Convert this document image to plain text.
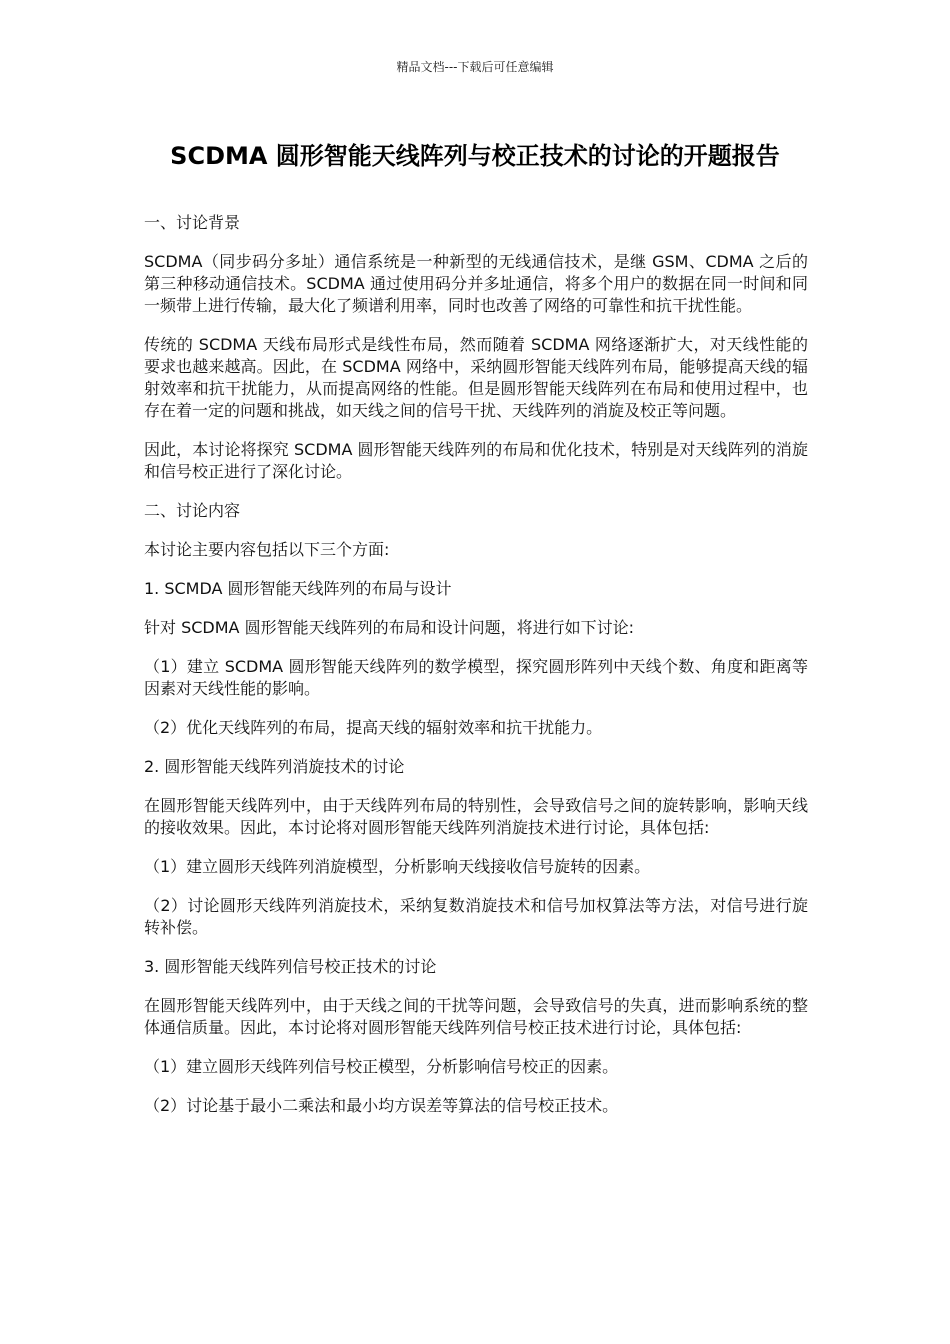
精品文档---下载后可任意编辑
SCDMA 圆形智能天线阵列与校正技术的讨论的开题报告

一、讨论背景

SCDMA（同步码分多址）通信系统是一种新型的无线通信技术，是继 GSM、CDMA 之后的第三种移动通信技术。SCDMA 通过使用码分并多址通信，将多个用户的数据在同一时间和同一频带上进行传输，最大化了频谱利用率，同时也改善了网络的可靠性和抗干扰性能。

传统的 SCDMA 天线布局形式是线性布局，然而随着 SCDMA 网络逐渐扩大，对天线性能的要求也越来越高。因此，在 SCDMA 网络中，采纳圆形智能天线阵列布局，能够提高天线的辐射效率和抗干扰能力，从而提高网络的性能。但是圆形智能天线阵列在布局和使用过程中，也存在着一定的问题和挑战，如天线之间的信号干扰、天线阵列的消旋及校正等问题。

因此，本讨论将探究 SCDMA 圆形智能天线阵列的布局和优化技术，特别是对天线阵列的消旋和信号校正进行了深化讨论。

二、讨论内容

本讨论主要内容包括以下三个方面:

1. SCMDA 圆形智能天线阵列的布局与设计

针对 SCDMA 圆形智能天线阵列的布局和设计问题，将进行如下讨论:

（1）建立 SCDMA 圆形智能天线阵列的数学模型，探究圆形阵列中天线个数、角度和距离等因素对天线性能的影响。

（2）优化天线阵列的布局，提高天线的辐射效率和抗干扰能力。

2. 圆形智能天线阵列消旋技术的讨论

在圆形智能天线阵列中，由于天线阵列布局的特别性，会导致信号之间的旋转影响，影响天线的接收效果。因此，本讨论将对圆形智能天线阵列消旋技术进行讨论，具体包括:

（1）建立圆形天线阵列消旋模型，分析影响天线接收信号旋转的因素。

（2）讨论圆形天线阵列消旋技术，采纳复数消旋技术和信号加权算法等方法，对信号进行旋转补偿。

3. 圆形智能天线阵列信号校正技术的讨论

在圆形智能天线阵列中，由于天线之间的干扰等问题，会导致信号的失真，进而影响系统的整体通信质量。因此，本讨论将对圆形智能天线阵列信号校正技术进行讨论，具体包括:

（1）建立圆形天线阵列信号校正模型，分析影响信号校正的因素。

（2）讨论基于最小二乘法和最小均方误差等算法的信号校正技术。
